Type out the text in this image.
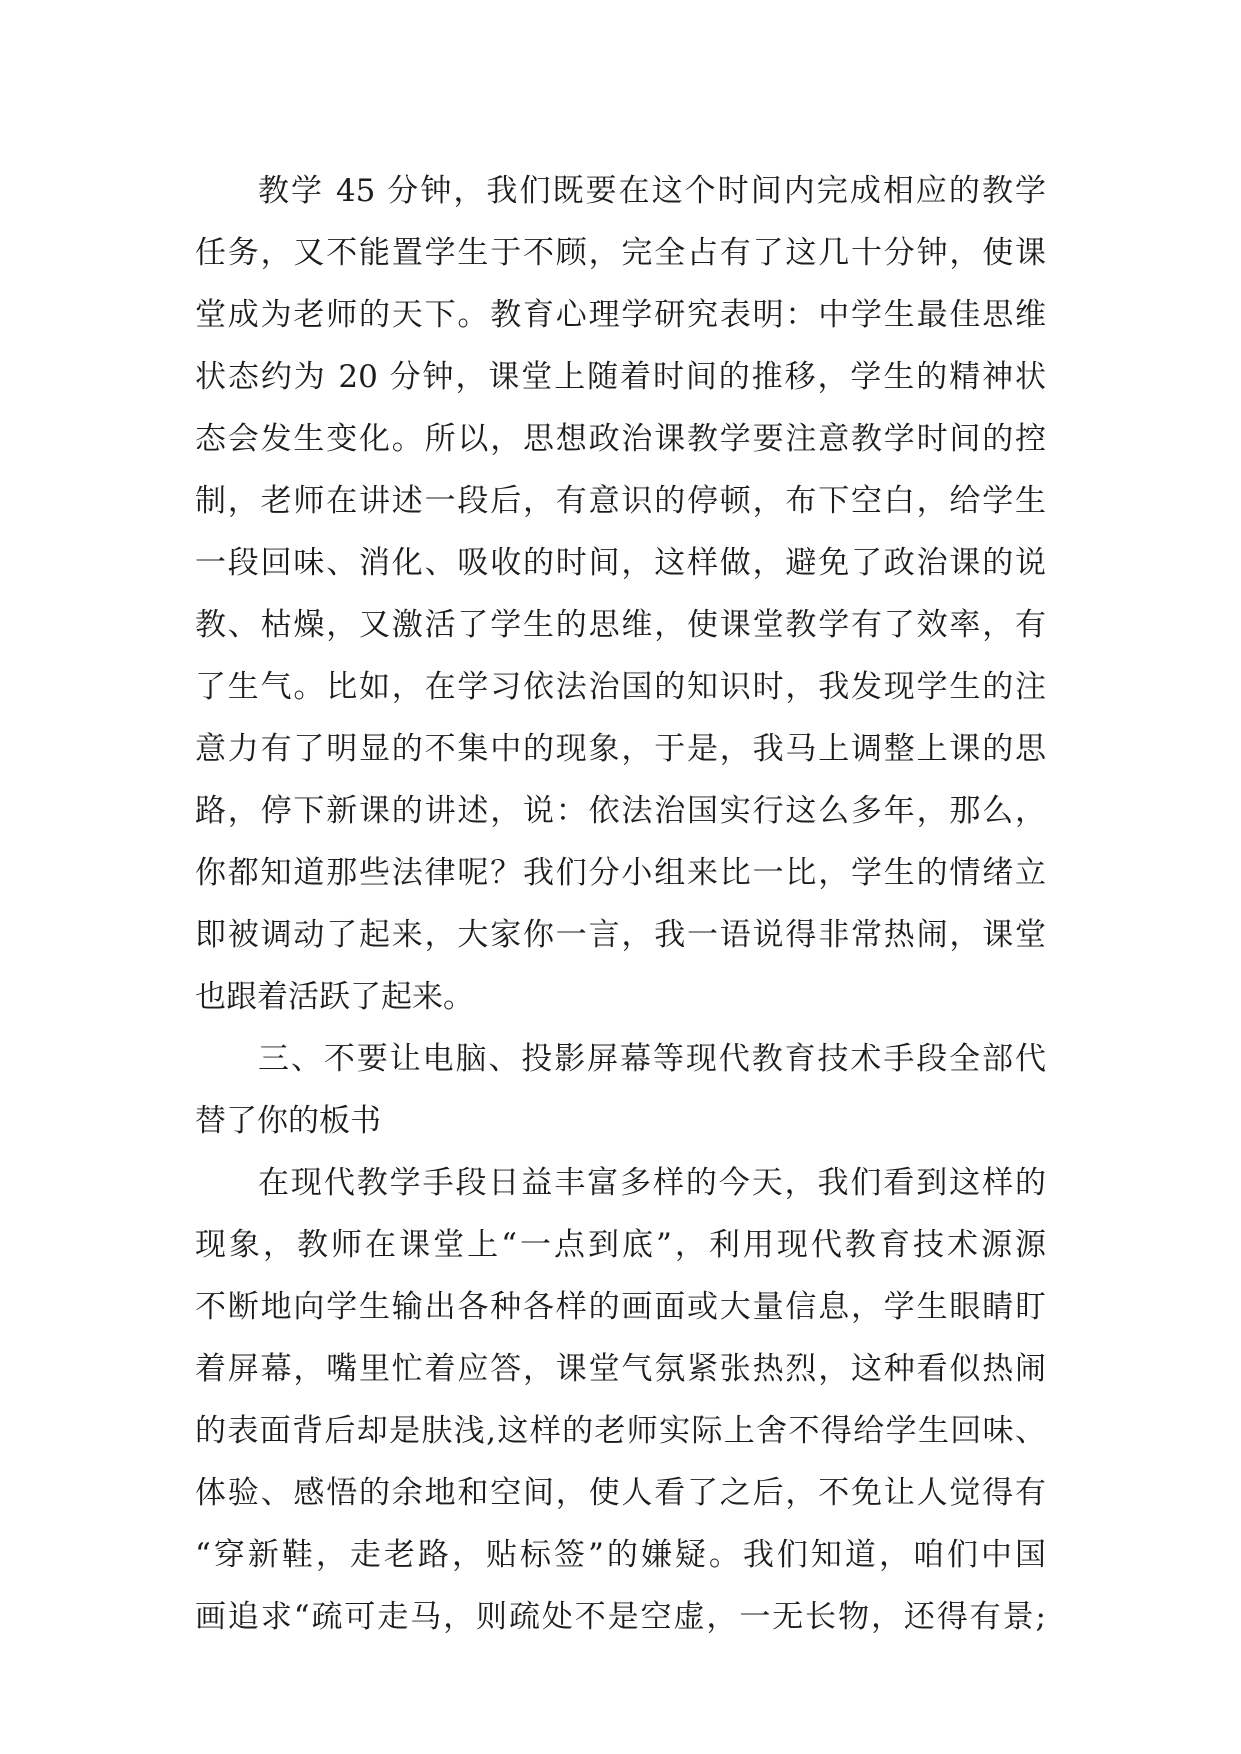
教学 45 分钟，我们既要在这个时间内完成相应的教学
任务，又不能置学生于不顾，完全占有了这几十分钟，使课
堂成为老师的天下。教育心理学研究表明：中学生最佳思维
状态约为 20 分钟，课堂上随着时间的推移，学生的精神状
态会发生变化。所以，思想政治课教学要注意教学时间的控
制，老师在讲述一段后，有意识的停顿，布下空白，给学生
一段回味、消化、吸收的时间，这样做，避免了政治课的说
教、枯燥，又激活了学生的思维，使课堂教学有了效率，有
了生气。比如，在学习依法治国的知识时，我发现学生的注
意力有了明显的不集中的现象，于是，我马上调整上课的思
路，停下新课的讲述，说：依法治国实行这么多年，那么，
你都知道那些法律呢？我们分小组来比一比，学生的情绪立
即被调动了起来，大家你一言，我一语说得非常热闹，课堂
也跟着活跃了起来。
三、不要让电脑、投影屏幕等现代教育技术手段全部代
替了你的板书
在现代教学手段日益丰富多样的今天，我们看到这样的
现象，教师在课堂上“一点到底”，利用现代教育技术源源
不断地向学生输出各种各样的画面或大量信息，学生眼睛盯
着屏幕，嘴里忙着应答，课堂气氛紧张热烈，这种看似热闹
的表面背后却是肤浅,这样的老师实际上舍不得给学生回味、
体验、感悟的余地和空间，使人看了之后，不免让人觉得有
“穿新鞋，走老路，贴标签”的嫌疑。我们知道，咱们中国
画追求“疏可走马，则疏处不是空虚，一无长物，还得有景;
